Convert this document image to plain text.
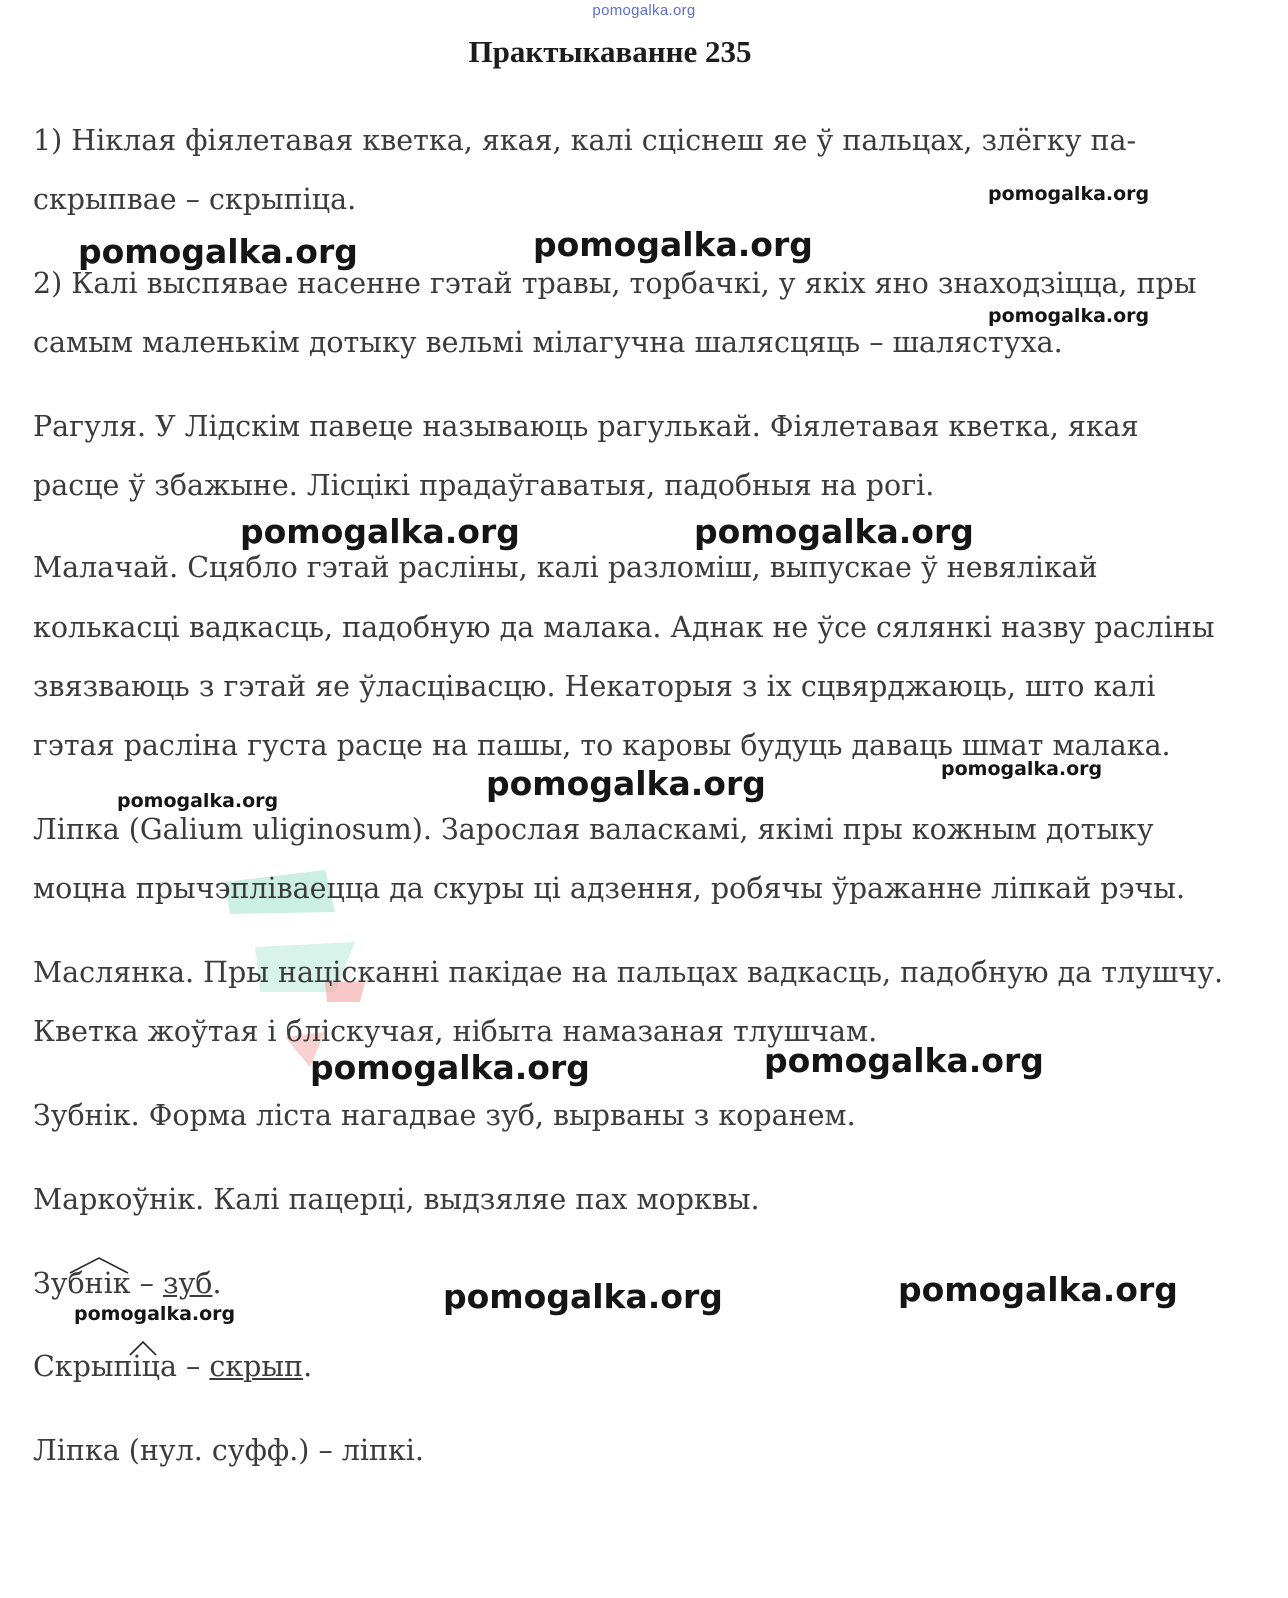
pomogalka.org
Практыкаванне 235
1) Ніклая фіялетавая кветка, якая, калі сціснеш яе ў пальцах, злёгку па-
скрыпвае – скрыпіца.
2) Калі выспявае насенне гэтай травы, торбачкі, у якіх яно знаходзіцца, пры
самым маленькім дотыку вельмі мілагучна шалясцяць – шалястуха.
Рагуля. У Лідскім павеце называюць рагулькай. Фіялетавая кветка, якая
расце ў збажыне. Лісцікі прадаўгаватыя, падобныя на рогі.
Малачай. Сцябло гэтай расліны, калі разломіш, выпускае ў невялікай
колькасці вадкасць, падобную да малака. Аднак не ўсе сялянкі назву расліны
звязваюць з гэтай яе ўласцівасцю. Некаторыя з іх сцвярджаюць, што калі
гэтая расліна густа расце на пашы, то каровы будуць даваць шмат малака.
Ліпка (Galium uliginosum). Зарослая валаскамі, якімі пры кожным дотыку
моцна прычэпліваецца да скуры ці адзення, робячы ўражанне ліпкай рэчы.
Маслянка. Пры націсканні пакідае на пальцах вадкасць, падобную да тлушчу.
Кветка жоўтая і бліскучая, нібыта намазаная тлушчам.
Зубнік. Форма ліста нагадвае зуб, вырваны з коранем.
Маркоўнік. Калі пацерці, выдзяляе пах морквы.
Зубнік – зуб.
Скрыпіца – скрып.
Ліпка (нул. суфф.) – ліпкі.
pomogalka.org
pomogalka.org	pomogalka.org
pomogalka.org
pomogalka.org	pomogalka.org
pomogalka.org
pomogalka.org
pomogalka.org
pomogalka.org
pomogalka.org
pomogalka.org
pomogalka.org
pomogalka.org
